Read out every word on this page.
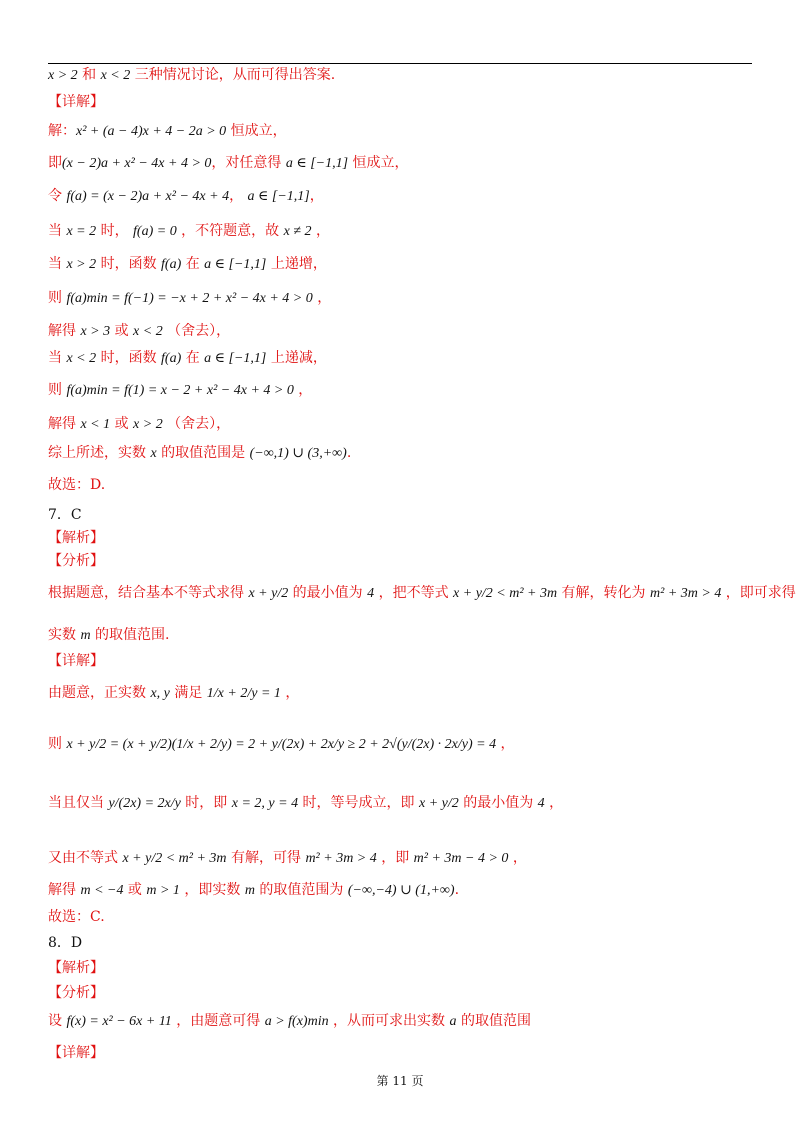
x > 2 和 x < 2 三种情况讨论，从而可得出答案.
【详解】
解：x² + (a − 4)x + 4 − 2a > 0 恒成立，
即(x − 2)a + x² − 4x + 4 > 0，对任意得 a ∈ [−1,1] 恒成立，
令 f(a) = (x − 2)a + x² − 4x + 4， a ∈ [−1,1]，
当 x = 2 时， f(a) = 0 ，不符题意，故 x ≠ 2 ，
当 x > 2 时，函数 f(a) 在 a ∈ [−1,1] 上递增，
则 f(a)min = f(−1) = −x + 2 + x² − 4x + 4 > 0 ，
解得 x > 3 或 x < 2 （舍去），
当 x < 2 时，函数 f(a) 在 a ∈ [−1,1] 上递减，
则 f(a)min = f(1) = x − 2 + x² − 4x + 4 > 0 ，
解得 x < 1 或 x > 2 （舍去），
综上所述，实数 x 的取值范围是 (−∞,1) ∪ (3,+∞).
故选：D.
7．C
【解析】
【分析】
根据题意，结合基本不等式求得 x + y/2 的最小值为 4 ，把不等式 x + y/2 < m² + 3m 有解，转化为 m² + 3m > 4 ，即可求得
实数 m 的取值范围.
【详解】
由题意，正实数 x, y 满足 1/x + 2/y = 1 ，
则 x + y/2 = (x + y/2)(1/x + 2/y) = 2 + y/(2x) + 2x/y ≥ 2 + 2√(y/(2x) · 2x/y) = 4 ，
当且仅当 y/(2x) = 2x/y 时，即 x = 2, y = 4 时，等号成立，即 x + y/2 的最小值为 4 ，
又由不等式 x + y/2 < m² + 3m 有解，可得 m² + 3m > 4 ，即 m² + 3m − 4 > 0 ，
解得 m < −4 或 m > 1 ，即实数 m 的取值范围为 (−∞,−4) ∪ (1,+∞).
故选：C.
8．D
【解析】
【分析】
设 f(x) = x² − 6x + 11 ，由题意可得 a > f(x)min ，从而可求出实数 a 的取值范围
【详解】
第 11 页
